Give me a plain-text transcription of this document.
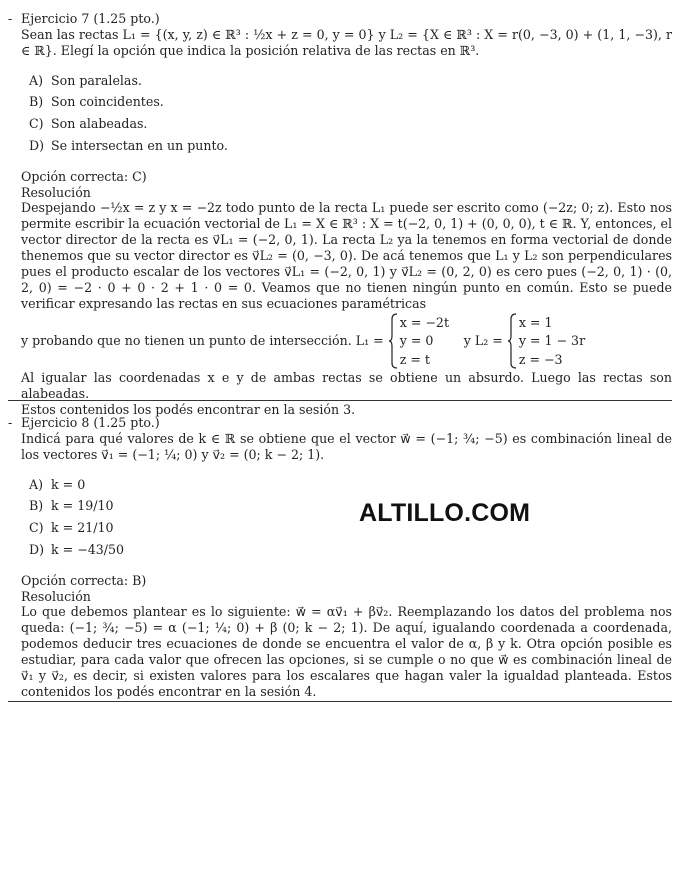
- Ejercicio 7 (1.25 pto.)
Sean las rectas L₁ = {(x, y, z) ∈ ℝ³ : ½x + z = 0, y = 0} y L₂ = {X ∈ ℝ³ : X = r(0, −3, 0) + (1, 1, −3), r ∈ ℝ}. Elegí la opción que indica la posición relativa de las rectas en ℝ³.
A) Son paralelas.
B) Son coincidentes.
C) Son alabeadas.
D) Se intersectan en un punto.
Opción correcta: C)
Resolución
Despejando −½x = z y x = −2z todo punto de la recta L₁ puede ser escrito como (−2z; 0; z). Esto nos permite escribir la ecuación vectorial de L₁ = X ∈ ℝ³ : X = t(−2, 0, 1) + (0, 0, 0), t ∈ ℝ. Y, entonces, el vector director de la recta es v⃗L₁ = (−2, 0, 1). La recta L₂ ya la tenemos en forma vectorial de donde thenemos que su vector director es v⃗L₂ = (0, −3, 0). De acá tenemos que L₁ y L₂ son perpendiculares pues el producto escalar de los vectores v⃗L₁ = (−2, 0, 1) y v⃗L₂ = (0, 2, 0) es cero pues (−2, 0, 1) · (0, 2, 0) = −2 · 0 + 0 · 2 + 1 · 0 = 0. Veamos que no tienen ningún punto en común. Esto se puede verificar expresando las rectas en sus ecuaciones paramétricas
y probando que no tienen un punto de intersección. L₁ =
x = −2t
y = 0
z = t
y L₂ =
x = 1
y = 1 − 3r
z = −3
Al igualar las coordenadas x e y de ambas rectas se obtiene un absurdo. Luego las rectas son alabeadas.
Estos contenidos los podés encontrar en la sesión 3.
- Ejercicio 8 (1.25 pto.)
Indicá para qué valores de k ∈ ℝ se obtiene que el vector w⃗ = (−1; ¾; −5) es combinación lineal de los vectores v⃗₁ = (−1; ¼; 0) y v⃗₂ = (0; k − 2; 1).
A) k = 0
B) k = 19/10
C) k = 21/10
D) k = −43/50
Opción correcta: B)
Resolución
Lo que debemos plantear es lo siguiente: w⃗ = αv⃗₁ + βv⃗₂. Reemplazando los datos del problema nos queda: (−1; ¾; −5) = α (−1; ¼; 0) + β (0; k − 2; 1). De aquí, igualando coordenada a coordenada, podemos deducir tres ecuaciones de donde se encuentra el valor de α, β y k. Otra opción posible es estudiar, para cada valor que ofrecen las opciones, si se cumple o no que w⃗ es combinación lineal de v⃗₁ y v⃗₂, es decir, si existen valores para los escalares que hagan valer la igualdad planteada. Estos contenidos los podés encontrar en la sesión 4.
ALTILLO.COM
